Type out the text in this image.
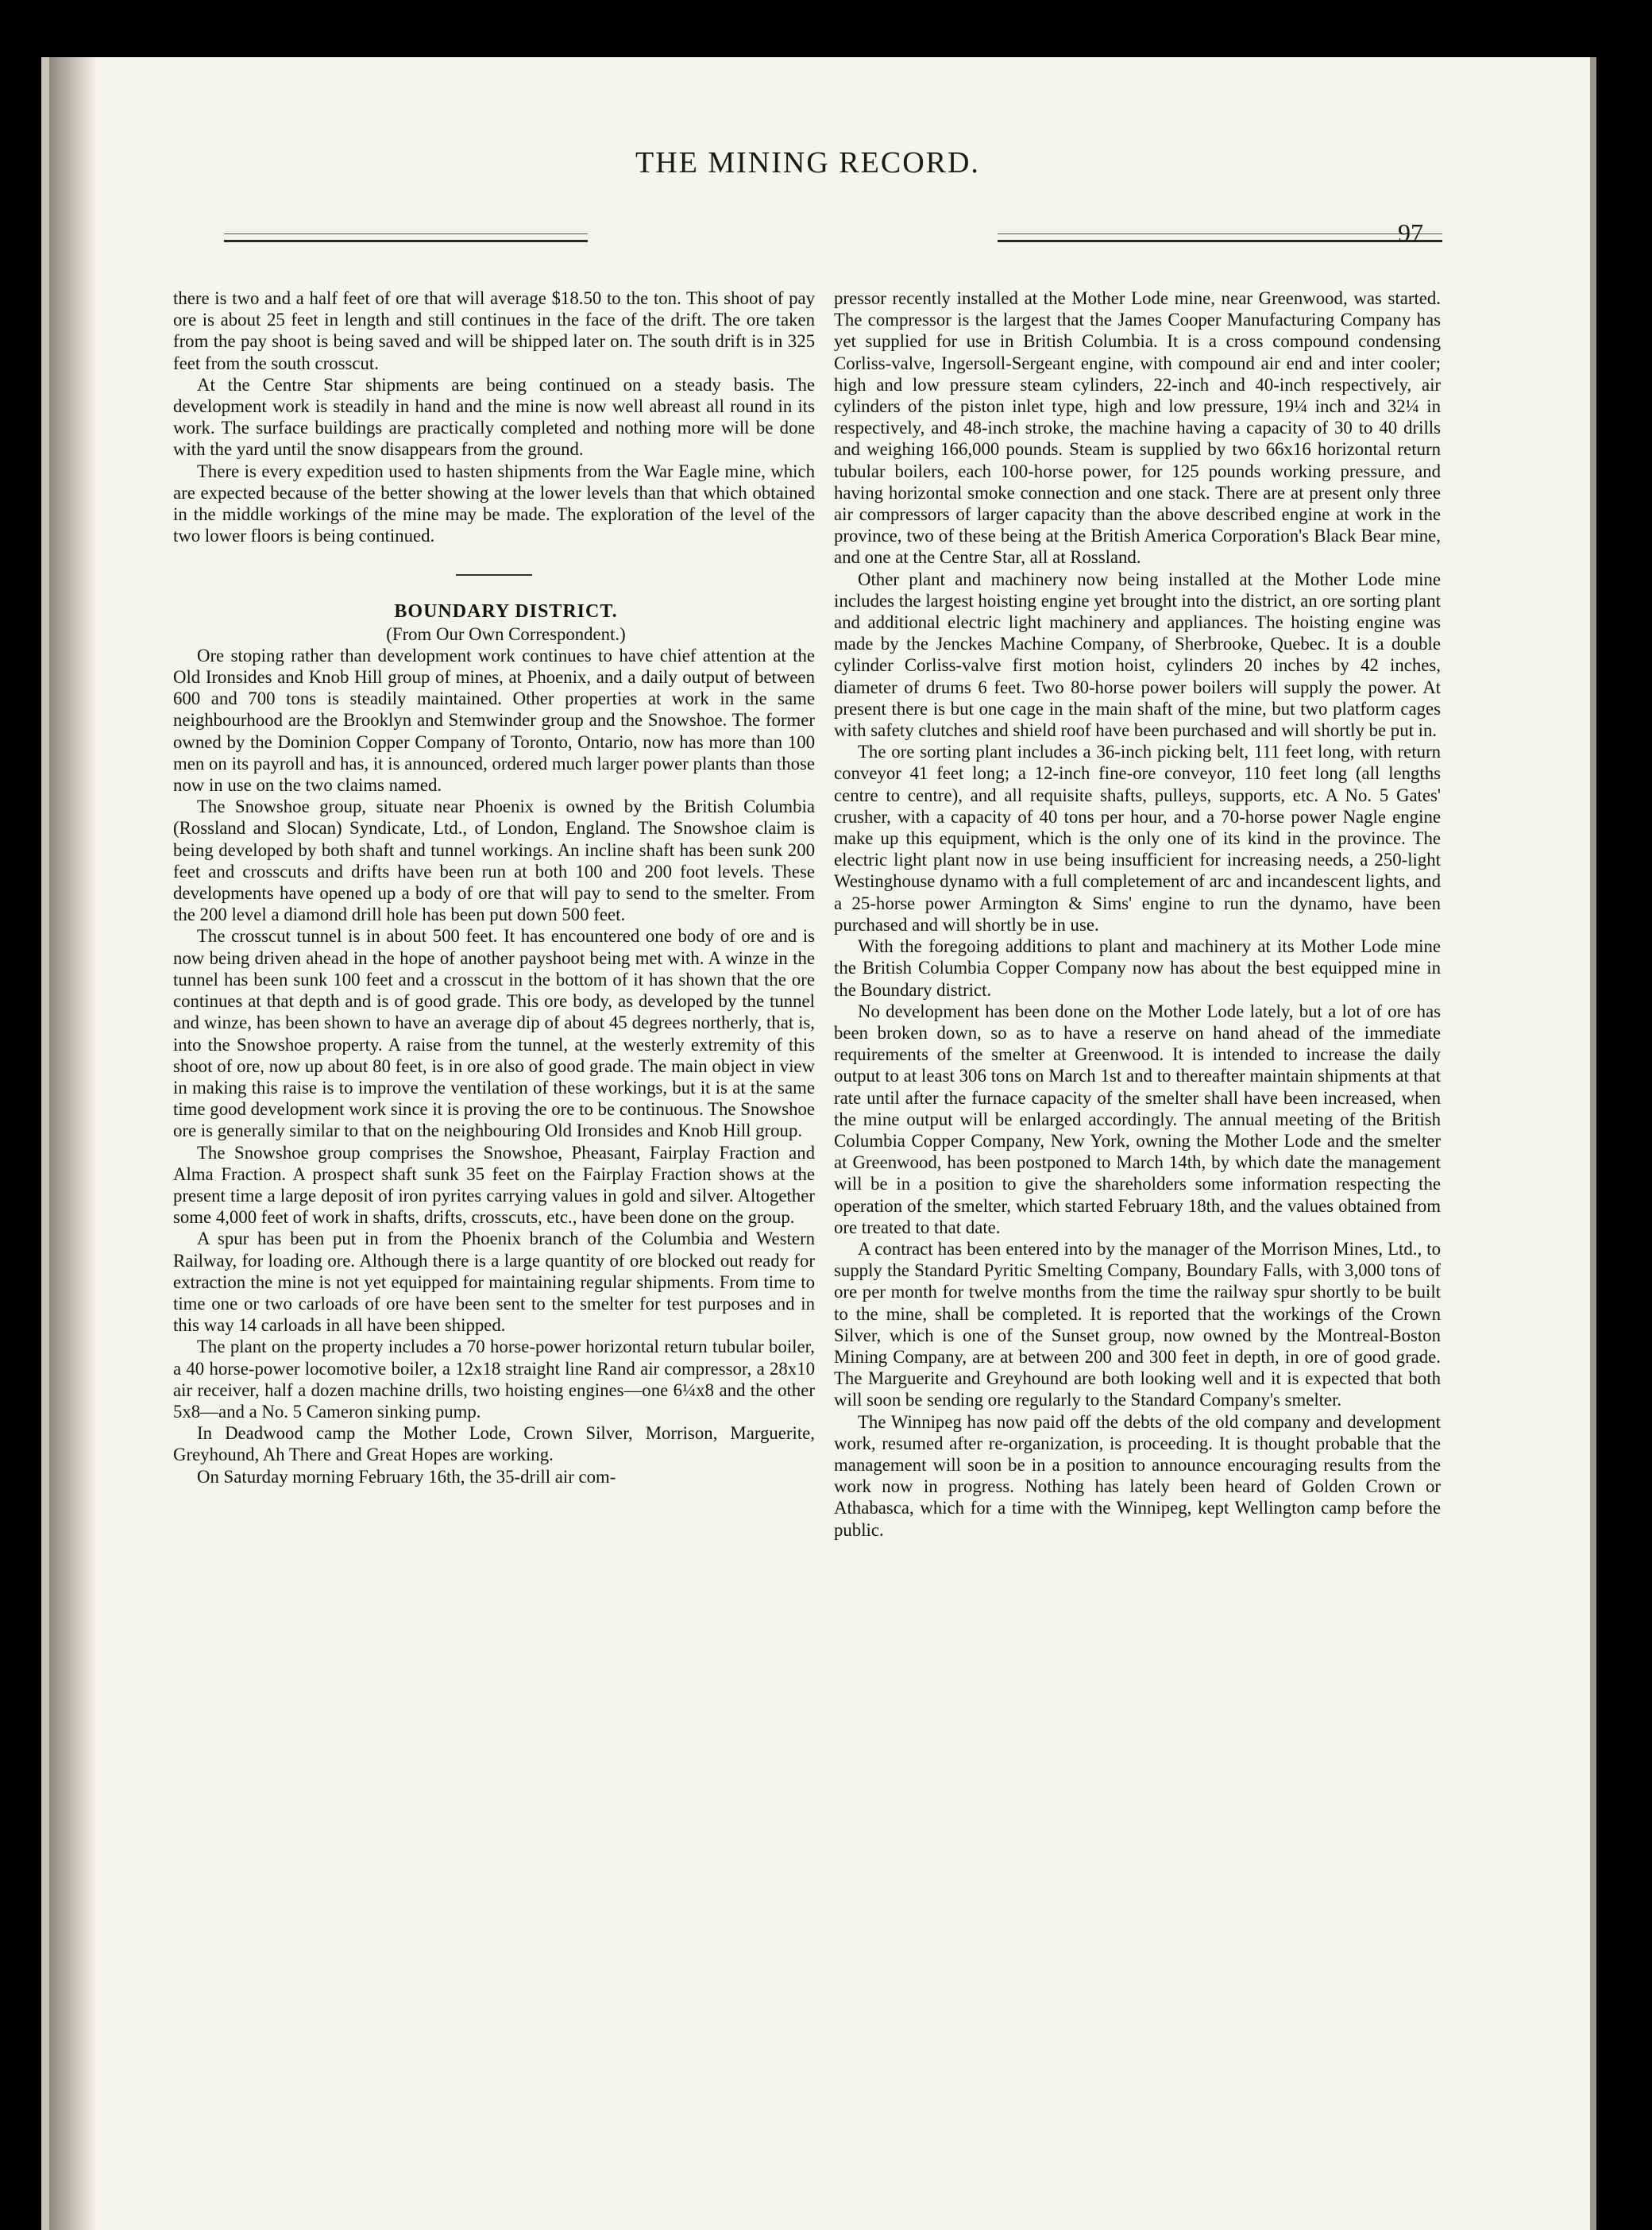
THE MINING RECORD.
97

there is two and a half feet of ore that will average $18.50 to the ton. This shoot of pay ore is about 25 feet in length and still continues in the face of the drift. The ore taken from the pay shoot is being saved and will be shipped later on. The south drift is in 325 feet from the south crosscut.

At the Centre Star shipments are being continued on a steady basis. The development work is steadily in hand and the mine is now well abreast all round in its work. The surface buildings are practically completed and nothing more will be done with the yard until the snow disappears from the ground.

There is every expedition used to hasten shipments from the War Eagle mine, which are expected because of the better showing at the lower levels than that which obtained in the middle workings of the mine may be made. The exploration of the level of the two lower floors is being continued.

BOUNDARY DISTRICT.

(From Our Own Correspondent.)

Ore stoping rather than development work continues to have chief attention at the Old Ironsides and Knob Hill group of mines, at Phoenix, and a daily output of between 600 and 700 tons is steadily maintained. Other properties at work in the same neighbourhood are the Brooklyn and Stemwinder group and the Snowshoe. The former owned by the Dominion Copper Company of Toronto, Ontario, now has more than 100 men on its payroll and has, it is announced, ordered much larger power plants than those now in use on the two claims named.

The Snowshoe group, situate near Phoenix is owned by the British Columbia (Rossland and Slocan) Syndicate, Ltd., of London, England. The Snowshoe claim is being developed by both shaft and tunnel workings. An incline shaft has been sunk 200 feet and crosscuts and drifts have been run at both 100 and 200 foot levels. These developments have opened up a body of ore that will pay to send to the smelter. From the 200 level a diamond drill hole has been put down 500 feet.

The crosscut tunnel is in about 500 feet. It has encountered one body of ore and is now being driven ahead in the hope of another payshoot being met with. A winze in the tunnel has been sunk 100 feet and a crosscut in the bottom of it has shown that the ore continues at that depth and is of good grade. This ore body, as developed by the tunnel and winze, has been shown to have an average dip of about 45 degrees northerly, that is, into the Snowshoe property. A raise from the tunnel, at the westerly extremity of this shoot of ore, now up about 80 feet, is in ore also of good grade. The main object in view in making this raise is to improve the ventilation of these workings, but it is at the same time good development work since it is proving the ore to be continuous. The Snowshoe ore is generally similar to that on the neighbouring Old Ironsides and Knob Hill group.

The Snowshoe group comprises the Snowshoe, Pheasant, Fairplay Fraction and Alma Fraction. A prospect shaft sunk 35 feet on the Fairplay Fraction shows at the present time a large deposit of iron pyrites carrying values in gold and silver. Altogether some 4,000 feet of work in shafts, drifts, crosscuts, etc., have been done on the group.

A spur has been put in from the Phoenix branch of the Columbia and Western Railway, for loading ore. Although there is a large quantity of ore blocked out ready for extraction the mine is not yet equipped for maintaining regular shipments. From time to time one or two carloads of ore have been sent to the smelter for test purposes and in this way 14 carloads in all have been shipped.

The plant on the property includes a 70 horse-power horizontal return tubular boiler, a 40 horse-power locomotive boiler, a 12x18 straight line Rand air compressor, a 28x10 air receiver, half a dozen machine drills, two hoisting engines—one 6¼x8 and the other 5x8—and a No. 5 Cameron sinking pump.

In Deadwood camp the Mother Lode, Crown Silver, Morrison, Marguerite, Greyhound, Ah There and Great Hopes are working.

On Saturday morning February 16th, the 35-drill air com-

pressor recently installed at the Mother Lode mine, near Greenwood, was started. The compressor is the largest that the James Cooper Manufacturing Company has yet supplied for use in British Columbia. It is a cross compound condensing Corliss-valve, Ingersoll-Sergeant engine, with compound air end and inter cooler; high and low pressure steam cylinders, 22-inch and 40-inch respectively, air cylinders of the piston inlet type, high and low pressure, 19¼ inch and 32¼ in respectively, and 48-inch stroke, the machine having a capacity of 30 to 40 drills and weighing 166,000 pounds. Steam is supplied by two 66x16 horizontal return tubular boilers, each 100-horse power, for 125 pounds working pressure, and having horizontal smoke connection and one stack. There are at present only three air compressors of larger capacity than the above described engine at work in the province, two of these being at the British America Corporation's Black Bear mine, and one at the Centre Star, all at Rossland.

Other plant and machinery now being installed at the Mother Lode mine includes the largest hoisting engine yet brought into the district, an ore sorting plant and additional electric light machinery and appliances. The hoisting engine was made by the Jenckes Machine Company, of Sherbrooke, Quebec. It is a double cylinder Corliss-valve first motion hoist, cylinders 20 inches by 42 inches, diameter of drums 6 feet. Two 80-horse power boilers will supply the power. At present there is but one cage in the main shaft of the mine, but two platform cages with safety clutches and shield roof have been purchased and will shortly be put in.

The ore sorting plant includes a 36-inch picking belt, 111 feet long, with return conveyor 41 feet long; a 12-inch fine-ore conveyor, 110 feet long (all lengths centre to centre), and all requisite shafts, pulleys, supports, etc. A No. 5 Gates' crusher, with a capacity of 40 tons per hour, and a 70-horse power Nagle engine make up this equipment, which is the only one of its kind in the province. The electric light plant now in use being insufficient for increasing needs, a 250-light Westinghouse dynamo with a full completement of arc and incandescent lights, and a 25-horse power Armington & Sims' engine to run the dynamo, have been purchased and will shortly be in use.

With the foregoing additions to plant and machinery at its Mother Lode mine the British Columbia Copper Company now has about the best equipped mine in the Boundary district.

No development has been done on the Mother Lode lately, but a lot of ore has been broken down, so as to have a reserve on hand ahead of the immediate requirements of the smelter at Greenwood. It is intended to increase the daily output to at least 306 tons on March 1st and to thereafter maintain shipments at that rate until after the furnace capacity of the smelter shall have been increased, when the mine output will be enlarged accordingly. The annual meeting of the British Columbia Copper Company, New York, owning the Mother Lode and the smelter at Greenwood, has been postponed to March 14th, by which date the management will be in a position to give the shareholders some information respecting the operation of the smelter, which started February 18th, and the values obtained from ore treated to that date.

A contract has been entered into by the manager of the Morrison Mines, Ltd., to supply the Standard Pyritic Smelting Company, Boundary Falls, with 3,000 tons of ore per month for twelve months from the time the railway spur shortly to be built to the mine, shall be completed. It is reported that the workings of the Crown Silver, which is one of the Sunset group, now owned by the Montreal-Boston Mining Company, are at between 200 and 300 feet in depth, in ore of good grade. The Marguerite and Greyhound are both looking well and it is expected that both will soon be sending ore regularly to the Standard Company's smelter.

The Winnipeg has now paid off the debts of the old company and development work, resumed after re-organization, is proceeding. It is thought probable that the management will soon be in a position to announce encouraging results from the work now in progress. Nothing has lately been heard of Golden Crown or Athabasca, which for a time with the Winnipeg, kept Wellington camp before the public.
